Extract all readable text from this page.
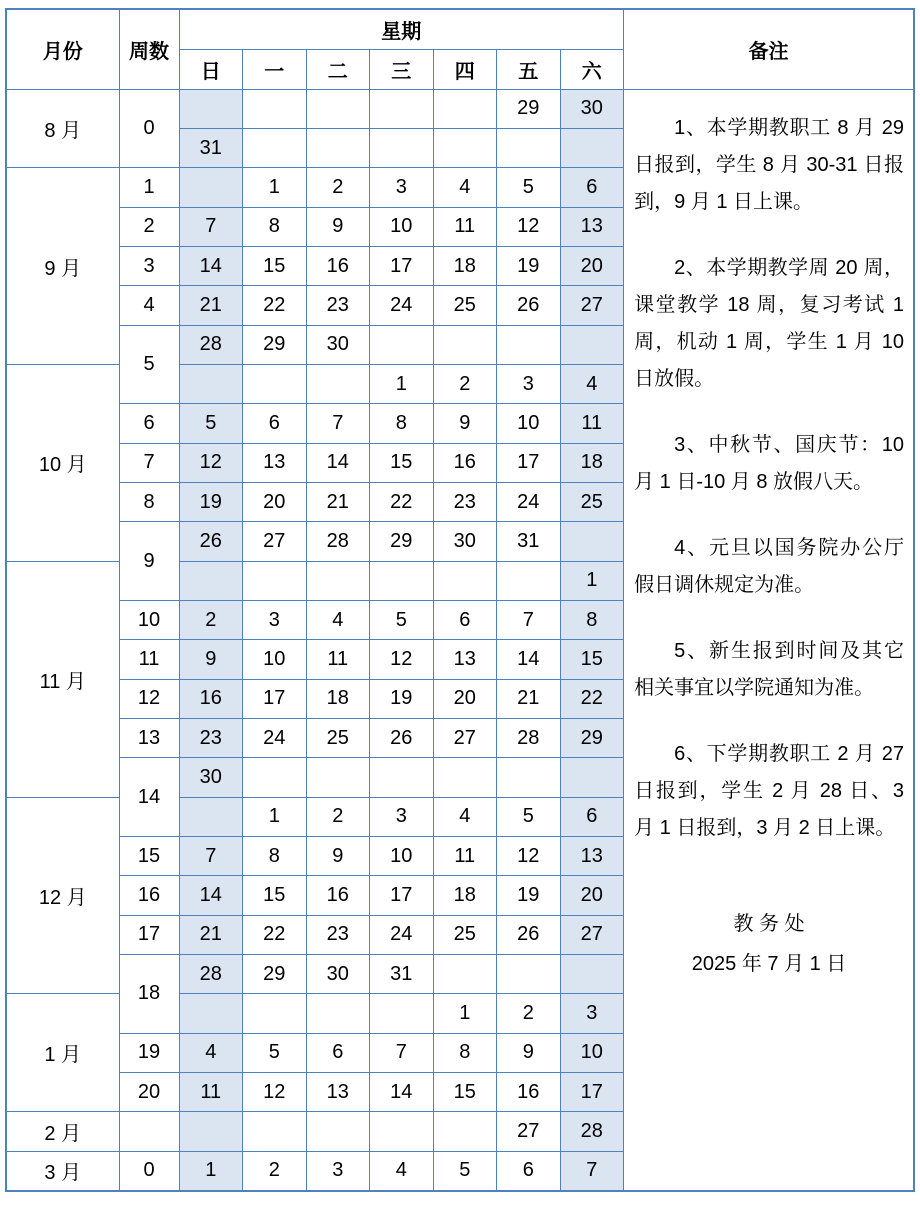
月份	周数	星期							备注
		日	一	二	三	四	五	六	
8 月	0						29	30	

1、本学期教职工 8 月 29 日报到，学生 8 月 30-31 日报到，9 月 1 日上课。

2、本学期教学周 20 周，课堂教学 18 周，复习考试 1 周，机动 1 周，学生 1 月 10 日放假。

3、中秋节、国庆节：10 月 1 日-10 月 8 放假八天。

4、元旦以国务院办公厅假日调休规定为准。

5、新生报到时间及其它相关事宜以学院通知为准。

6、下学期教职工 2 月 27 日报到，学生 2 月 28 日、3 月 1 日报到，3 月 2 日上课。

教 务 处
2025 年 7 月 1 日

		31							
9 月	1		1	2	3	4	5	6	
	2	7	8	9	10	11	12	13	
	3	14	15	16	17	18	19	20	
	4	21	22	23	24	25	26	27	
	5	28	29	30					
10 月					1	2	3	4	
	6	5	6	7	8	9	10	11	
	7	12	13	14	15	16	17	18	
	8	19	20	21	22	23	24	25	
	9	26	27	28	29	30	31		
11 月								1	
	10	2	3	4	5	6	7	8	
	11	9	10	11	12	13	14	15	
	12	16	17	18	19	20	21	22	
	13	23	24	25	26	27	28	29	
	14	30							
12 月			1	2	3	4	5	6	
	15	7	8	9	10	11	12	13	
	16	14	15	16	17	18	19	20	
	17	21	22	23	24	25	26	27	
	18	28	29	30	31				
1 月						1	2	3	
	19	4	5	6	7	8	9	10	
	20	11	12	13	14	15	16	17	
2 月							27	28	
3 月	0	1	2	3	4	5	6	7	
